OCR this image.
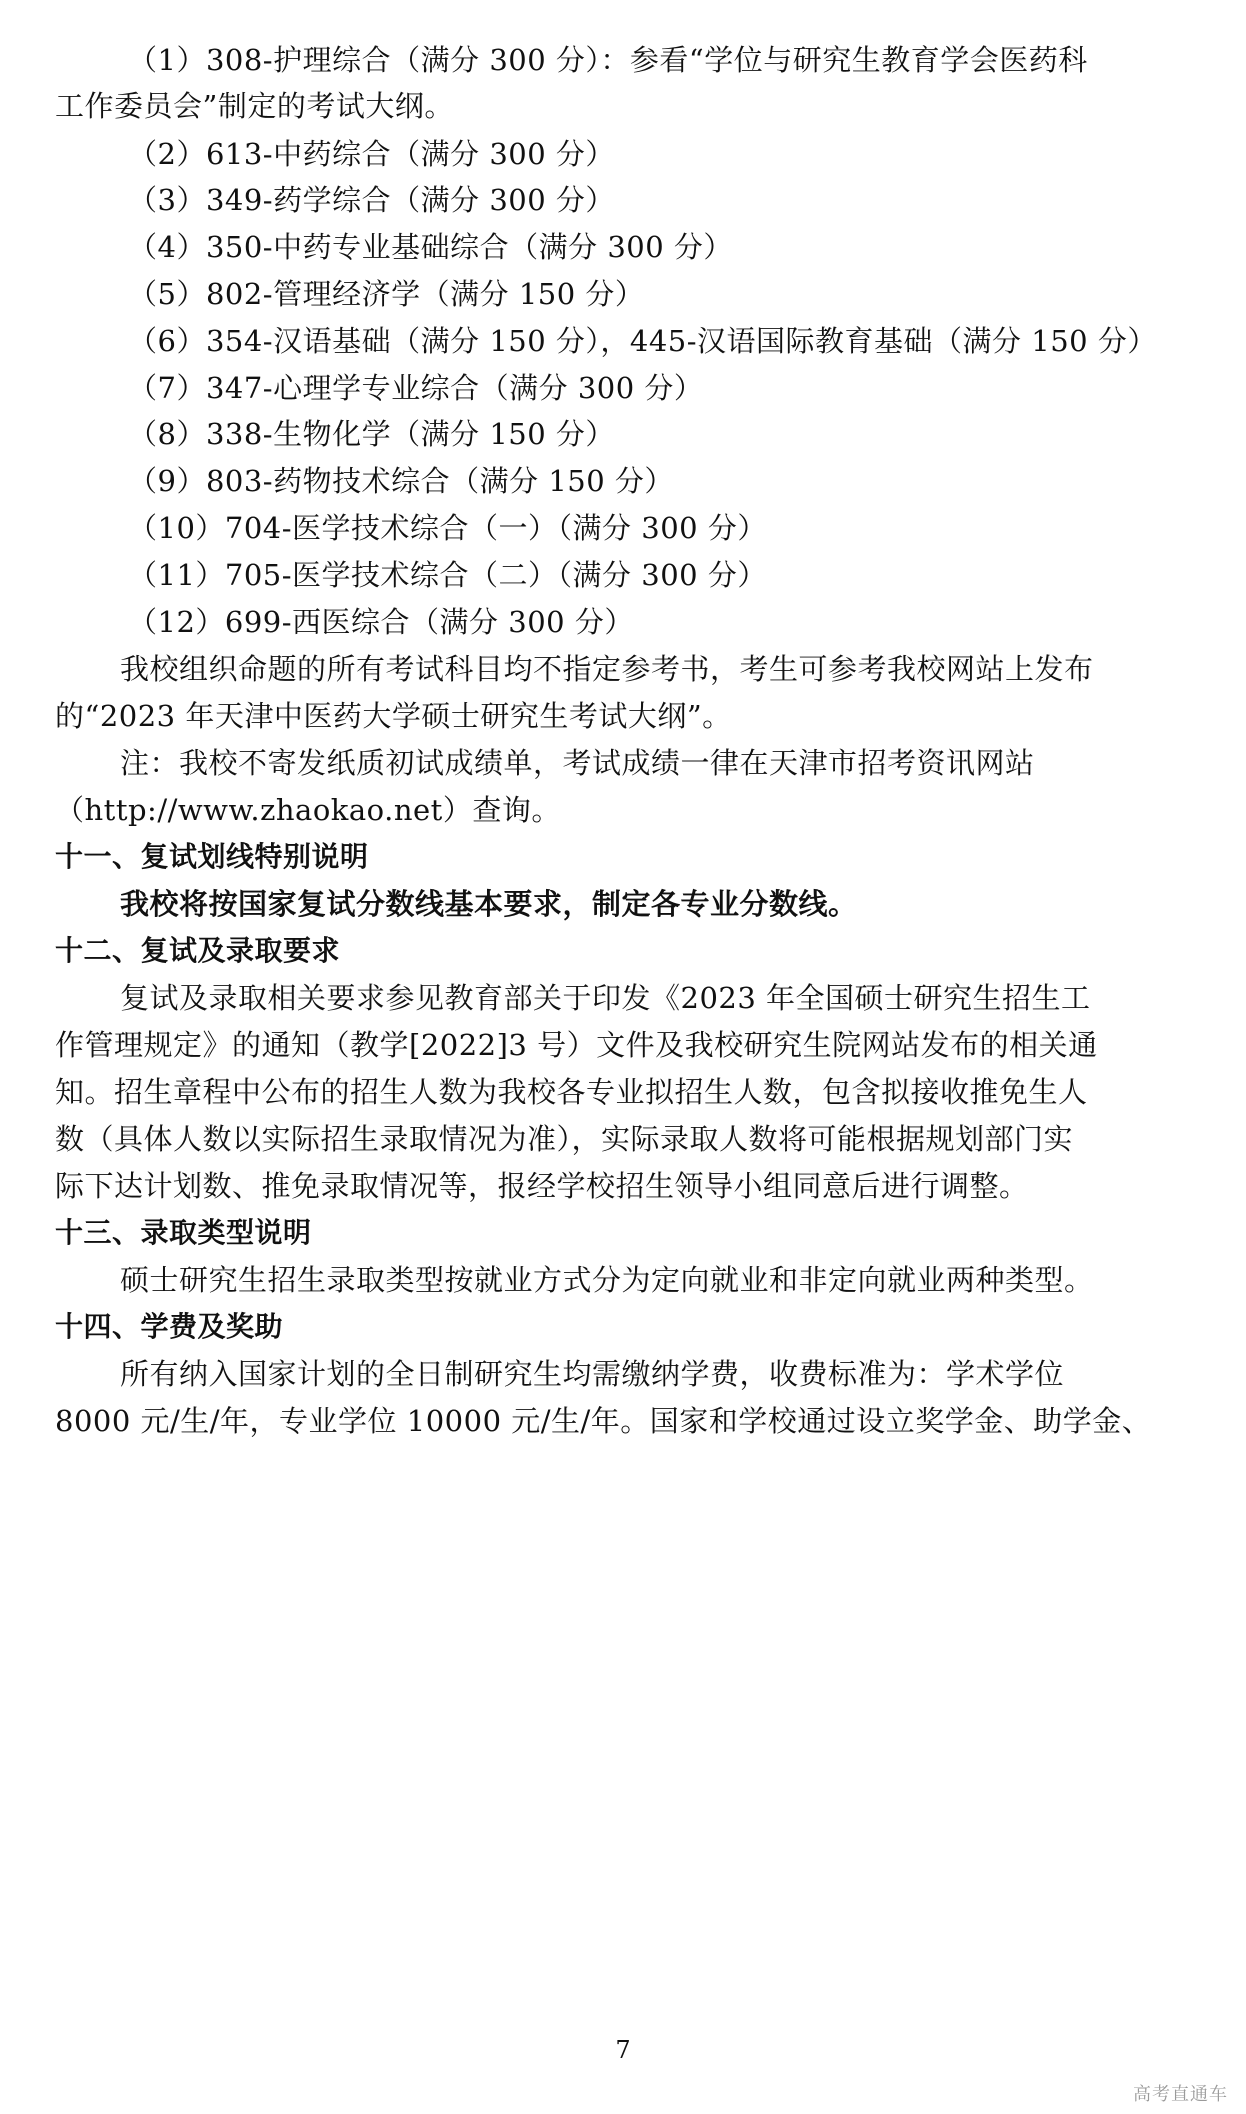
（1）308-护理综合（满分 300 分）：参看“学位与研究生教育学会医药科
工作委员会”制定的考试大纲。
（2）613-中药综合（满分 300 分）
（3）349-药学综合（满分 300 分）
（4）350-中药专业基础综合（满分 300 分）
（5）802-管理经济学（满分 150 分）
（6）354-汉语基础（满分 150 分），445-汉语国际教育基础（满分 150 分）
（7）347-心理学专业综合（满分 300 分）
（8）338-生物化学（满分 150 分）
（9）803-药物技术综合（满分 150 分）
（10）704-医学技术综合（一）（满分 300 分）
（11）705-医学技术综合（二）（满分 300 分）
（12）699-西医综合（满分 300 分）
我校组织命题的所有考试科目均不指定参考书，考生可参考我校网站上发布
的“2023 年天津中医药大学硕士研究生考试大纲”。
注：我校不寄发纸质初试成绩单，考试成绩一律在天津市招考资讯网站
（http://www.zhaokao.net）查询。
十一、复试划线特别说明
我校将按国家复试分数线基本要求，制定各专业分数线。
十二、复试及录取要求
复试及录取相关要求参见教育部关于印发《2023 年全国硕士研究生招生工
作管理规定》的通知（教学[2022]3 号）文件及我校研究生院网站发布的相关通
知。招生章程中公布的招生人数为我校各专业拟招生人数，包含拟接收推免生人
数（具体人数以实际招生录取情况为准），实际录取人数将可能根据规划部门实
际下达计划数、推免录取情况等，报经学校招生领导小组同意后进行调整。
十三、录取类型说明
硕士研究生招生录取类型按就业方式分为定向就业和非定向就业两种类型。
十四、学费及奖助
所有纳入国家计划的全日制研究生均需缴纳学费，收费标准为：学术学位
8000 元/生/年，专业学位 10000 元/生/年。国家和学校通过设立奖学金、助学金、
7
高考直通车
